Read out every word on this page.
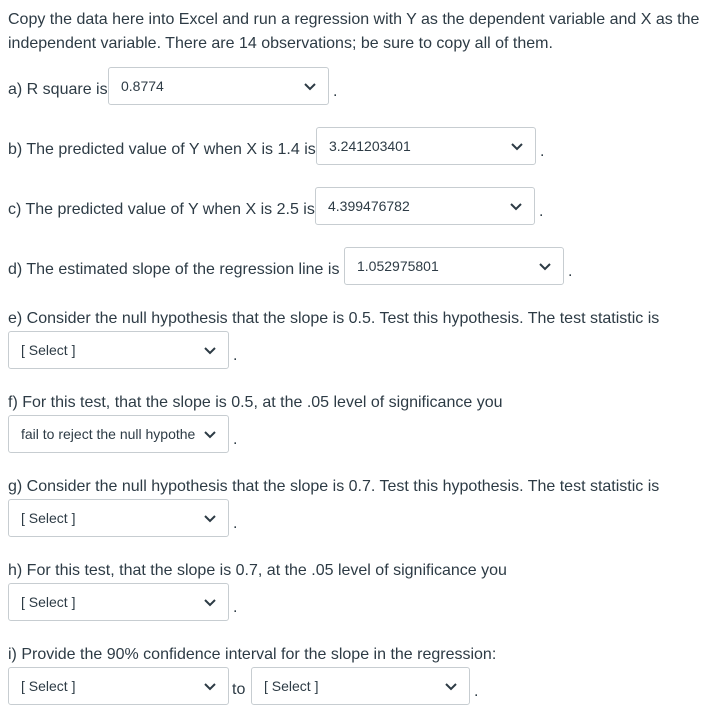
Copy the data here into Excel and run a regression with Y as the dependent variable and X as the independent variable. There are 14 observations; be sure to copy all of them.
a) R square is 0.8774	.
b) The predicted value of Y when X is 1.4 is 3.241203401	.
c) The predicted value of Y when X is 2.5 is 4.399476782	.
d) The estimated slope of the regression line is 1.052975801	.
e) Consider the null hypothesis that the slope is 0.5. Test this hypothesis. The test statistic is
[ Select ]	.
f) For this test, that the slope is 0.5, at the .05 level of significance you
fail to reject the null hypothe .
g) Consider the null hypothesis that the slope is 0.7. Test this hypothesis. The test statistic is
[ Select ]	.
h) For this test, that the slope is 0.7, at the .05 level of significance you
[ Select ]	.
i) Provide the 90% confidence interval for the slope in the regression:
[ Select ]	to [ Select ]	.
